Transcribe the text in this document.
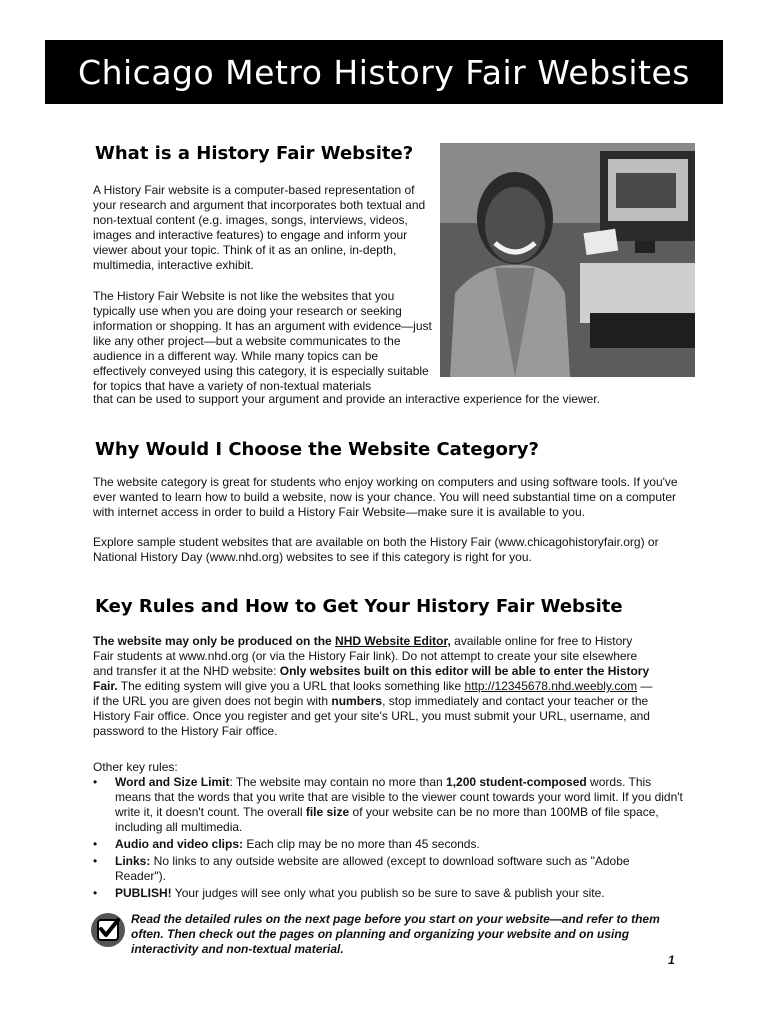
Chicago Metro History Fair Websites
What is a History Fair Website?

A History Fair website is a computer-based representation of your research and argument that incorporates both textual and non-textual content (e.g. images, songs, interviews, videos, images and interactive features) to engage and inform your viewer about your topic. Think of it as an online, in-depth, multimedia, interactive exhibit.

The History Fair Website is not like the websites that you typically use when you are doing your research or seeking information or shopping. It has an argument with evidence—just like any other project—but a website communicates to the audience in a different way. While many topics can be effectively conveyed using this category, it is especially suitable for topics that have a variety of non-textual materials

that can be used to support your argument and provide an interactive experience for the viewer.

Why Would I Choose the Website Category?

The website category is great for students who enjoy working on computers and using software tools. If you've ever wanted to learn how to build a website, now is your chance. You will need substantial time on a computer with internet access in order to build a History Fair Website—make sure it is available to you.

Explore sample student websites that are available on both the History Fair (www.chicagohistoryfair.org) or National History Day (www.nhd.org) websites to see if this category is right for you.

Key Rules and How to Get Your History Fair Website

The website may only be produced on the NHD Website Editor, available online for free to History Fair students at www.nhd.org (or via the History Fair link). Do not attempt to create your site elsewhere and transfer it at the NHD website: Only websites built on this editor will be able to enter the History Fair. The editing system will give you a URL that looks something like http://12345678.nhd.weebly.com — if the URL you are given does not begin with numbers, stop immediately and contact your teacher or the History Fair office. Once you register and get your site's URL, you must submit your URL, username, and password to the History Fair office.

Other key rules:

• Word and Size Limit: The website may contain no more than 1,200 student-composed words. This means that the words that you write that are visible to the viewer count towards your word limit. If you didn't write it, it doesn't count. The overall file size of your website can be no more than 100MB of file space, including all multimedia.
• Audio and video clips: Each clip may be no more than 45 seconds.
• Links: No links to any outside website are allowed (except to download software such as "Adobe Reader").
• PUBLISH! Your judges will see only what you publish so be sure to save & publish your site.

Read the detailed rules on the next page before you start on your website—and refer to them often. Then check out the pages on planning and organizing your website and on using interactivity and non-textual material.

1
